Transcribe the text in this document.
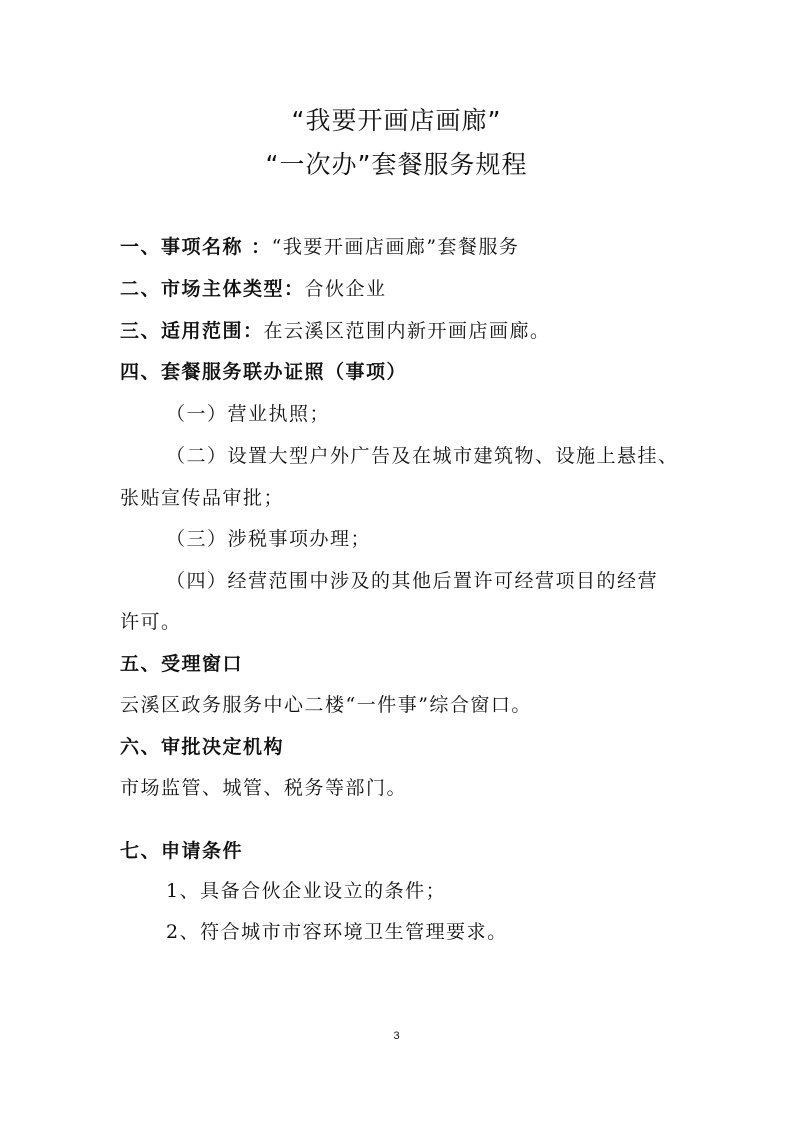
“我要开画店画廊”
“一次办”套餐服务规程
一、事项名称 ：“我要开画店画廊”套餐服务
二、市场主体类型：合伙企业
三、适用范围：在云溪区范围内新开画店画廊。
四、套餐服务联办证照（事项）
（一）营业执照；
（二）设置大型户外广告及在城市建筑物、设施上悬挂、
张贴宣传品审批；
（三）涉税事项办理；
（四）经营范围中涉及的其他后置许可经营项目的经营
许可。
五、受理窗口
云溪区政务服务中心二楼“一件事”综合窗口。
六、审批决定机构
市场监管、城管、税务等部门。
七、申请条件
1、具备合伙企业设立的条件；
2、符合城市市容环境卫生管理要求。
3
